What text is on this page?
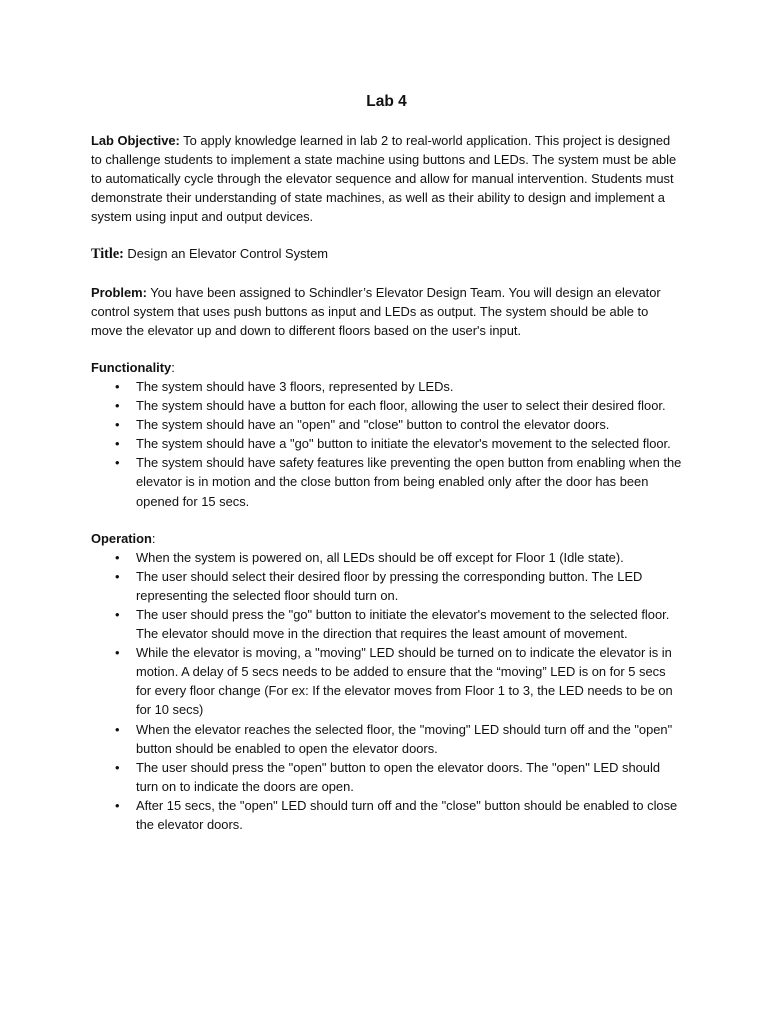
Lab 4

Lab Objective: To apply knowledge learned in lab 2 to real-world application. This project is designed to challenge students to implement a state machine using buttons and LEDs. The system must be able to automatically cycle through the elevator sequence and allow for manual intervention. Students must demonstrate their understanding of state machines, as well as their ability to design and implement a system using input and output devices.

Title: Design an Elevator Control System

Problem: You have been assigned to Schindler’s Elevator Design Team. You will design an elevator control system that uses push buttons as input and LEDs as output. The system should be able to move the elevator up and down to different floors based on the user's input.

Functionality:

• The system should have 3 floors, represented by LEDs.
• The system should have a button for each floor, allowing the user to select their desired floor.
• The system should have an "open" and "close" button to control the elevator doors.
• The system should have a "go" button to initiate the elevator's movement to the selected floor.
• The system should have safety features like preventing the open button from enabling when the elevator is in motion and the close button from being enabled only after the door has been opened for 15 secs.

Operation:

• When the system is powered on, all LEDs should be off except for Floor 1 (Idle state).
• The user should select their desired floor by pressing the corresponding button. The LED representing the selected floor should turn on.
• The user should press the "go" button to initiate the elevator's movement to the selected floor. The elevator should move in the direction that requires the least amount of movement.
• While the elevator is moving, a "moving" LED should be turned on to indicate the elevator is in motion. A delay of 5 secs needs to be added to ensure that the “moving” LED is on for 5 secs for every floor change (For ex: If the elevator moves from Floor 1 to 3, the LED needs to be on for 10 secs)
• When the elevator reaches the selected floor, the "moving" LED should turn off and the "open" button should be enabled to open the elevator doors.
• The user should press the "open" button to open the elevator doors. The "open" LED should turn on to indicate the doors are open.
• After 15 secs, the "open" LED should turn off and the "close" button should be enabled to close the elevator doors.
